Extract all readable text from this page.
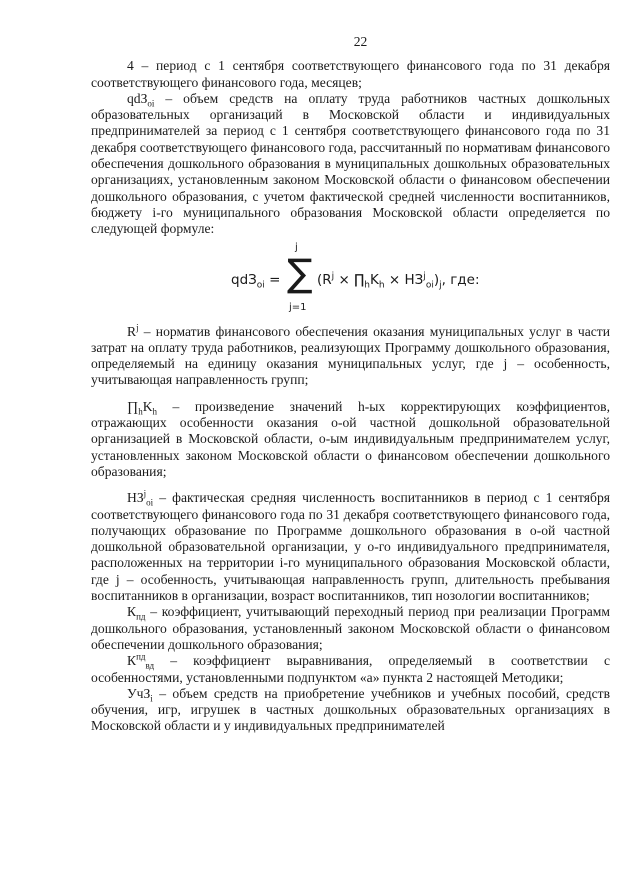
22

4 – период с 1 сентября соответствующего финансового года по 31 декабря соответствующего финансового года, месяцев;

qdЗ$_{oi}$ – объем средств на оплату труда работников частных дошкольных образовательных организаций в Московской области и индивидуальных предпринимателей за период с 1 сентября соответствующего финансового года по 31 декабря соответствующего финансового года, рассчитанный по нормативам финансового обеспечения дошкольного образования в муниципальных дошкольных образовательных организациях, установленным законом Московской области о финансовом обеспечении дошкольного образования, с учетом фактической средней численности воспитанников, бюджету i-го муниципального образования Московской области определяется по следующей формуле:

qdЗ$_{oi}$ =
j
∑
j=1
($R^j$ × $\prod_hK_h \times НЗ^j_{oi})_j$, где:

$R^j$ – норматив финансового обеспечения оказания муниципальных услуг в части затрат на оплату труда работников, реализующих Программу дошкольного образования, определяемый на единицу оказания муниципальных услуг, где j – особенность, учитывающая направленность групп;

$\prod_hK_h$ – произведение значений h-ых корректирующих коэффициентов, отражающих особенности оказания o-ой частной дошкольной образовательной организацией в Московской области, o-ым индивидуальным предпринимателем услуг, установленных законом Московской области о финансовом обеспечении дошкольного образования;

$НЗ^j_{oi}$ – фактическая средняя численность воспитанников в период с 1 сентября соответствующего финансового года по 31 декабря соответствующего финансового года, получающих образование по Программе дошкольного образования в o-ой частной дошкольной образовательной организации, у o-го индивидуального предпринимателя, расположенных на территории i-го муниципального образования Московской области, где j – особенность, учитывающая направленность групп, длительность пребывания воспитанников в организации, возраст воспитанников, тип нозологии воспитанников;

$К_{пд}$ – коэффициент, учитывающий переходный период при реализации Программ дошкольного образования, установленный законом Московской области о финансовом обеспечении дошкольного образования;

$К^{пд}_{вд}$ – коэффициент выравнивания, определяемый в соответствии с особенностями, установленными подпунктом «а» пункта 2 настоящей Методики;

УчЗ$_i$ – объем средств на приобретение учебников и учебных пособий, средств обучения, игр, игрушек в частных дошкольных образовательных организациях в Московской области и у индивидуальных предпринимателей
